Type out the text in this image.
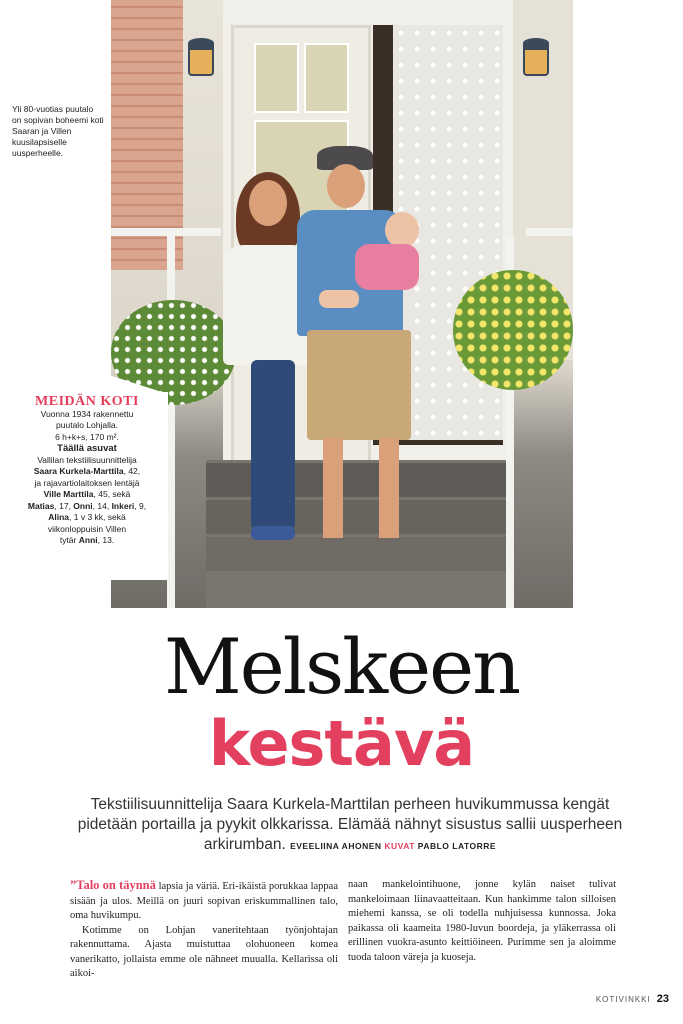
Yli 80-vuotias puutalo on sopivan boheemi koti Saaran ja Villen kuusilapsiselle uusperheelle.
MEIDÄN KOTI
Vuonna 1934 rakennettu
puutalo Lohjalla.
6 h+k+s, 170 m².
Täällä asuvat
Vallilan tekstiilisuunnittelija
Saara Kurkela-Marttila, 42,
ja rajavartiolaitoksen lentäjä
Ville Marttila, 45, sekä
Matias, 17, Onni, 14, Inkeri, 9,
Alina, 1 v 3 kk, sekä
viikonloppuisin Villen
tytär Anni, 13.
Melskeen
kestävä
Tekstiilisuunnittelija Saara Kurkela-Marttilan perheen huvikummussa kengät pidetään portailla ja pyykit olkkarissa. Elämää nähnyt sisustus sallii uusperheen arkirumban. EVEELIINA AHONEN KUVAT PABLO LATORRE

”Talo on täynnä lapsia ja väriä. Eri-ikäistä porukkaa lappaa sisään ja ulos. Meillä on juuri sopivan eriskummallinen talo, oma huvikumpu.

Kotimme on Lohjan vaneritehtaan työnjohtajan rakennuttama. Ajasta muistuttaa olohuoneen komea vanerikatto, jollaista emme ole nähneet muualla. Kellarissa oli aikoi-

naan mankelointihuone, jonne kylän naiset tulivat mankeloimaan liinavaatteitaan. Kun hankimme talon silloisen miehemi kanssa, se oli todella nuhjuisessa kunnossa. Joka paikassa oli kaameita 1980-luvun boordeja, ja yläkerrassa oli erillinen vuokra-asunto keittiöineen. Purimme sen ja aloimme tuoda taloon väreja ja kuoseja.

KOTIVINKKI 23
